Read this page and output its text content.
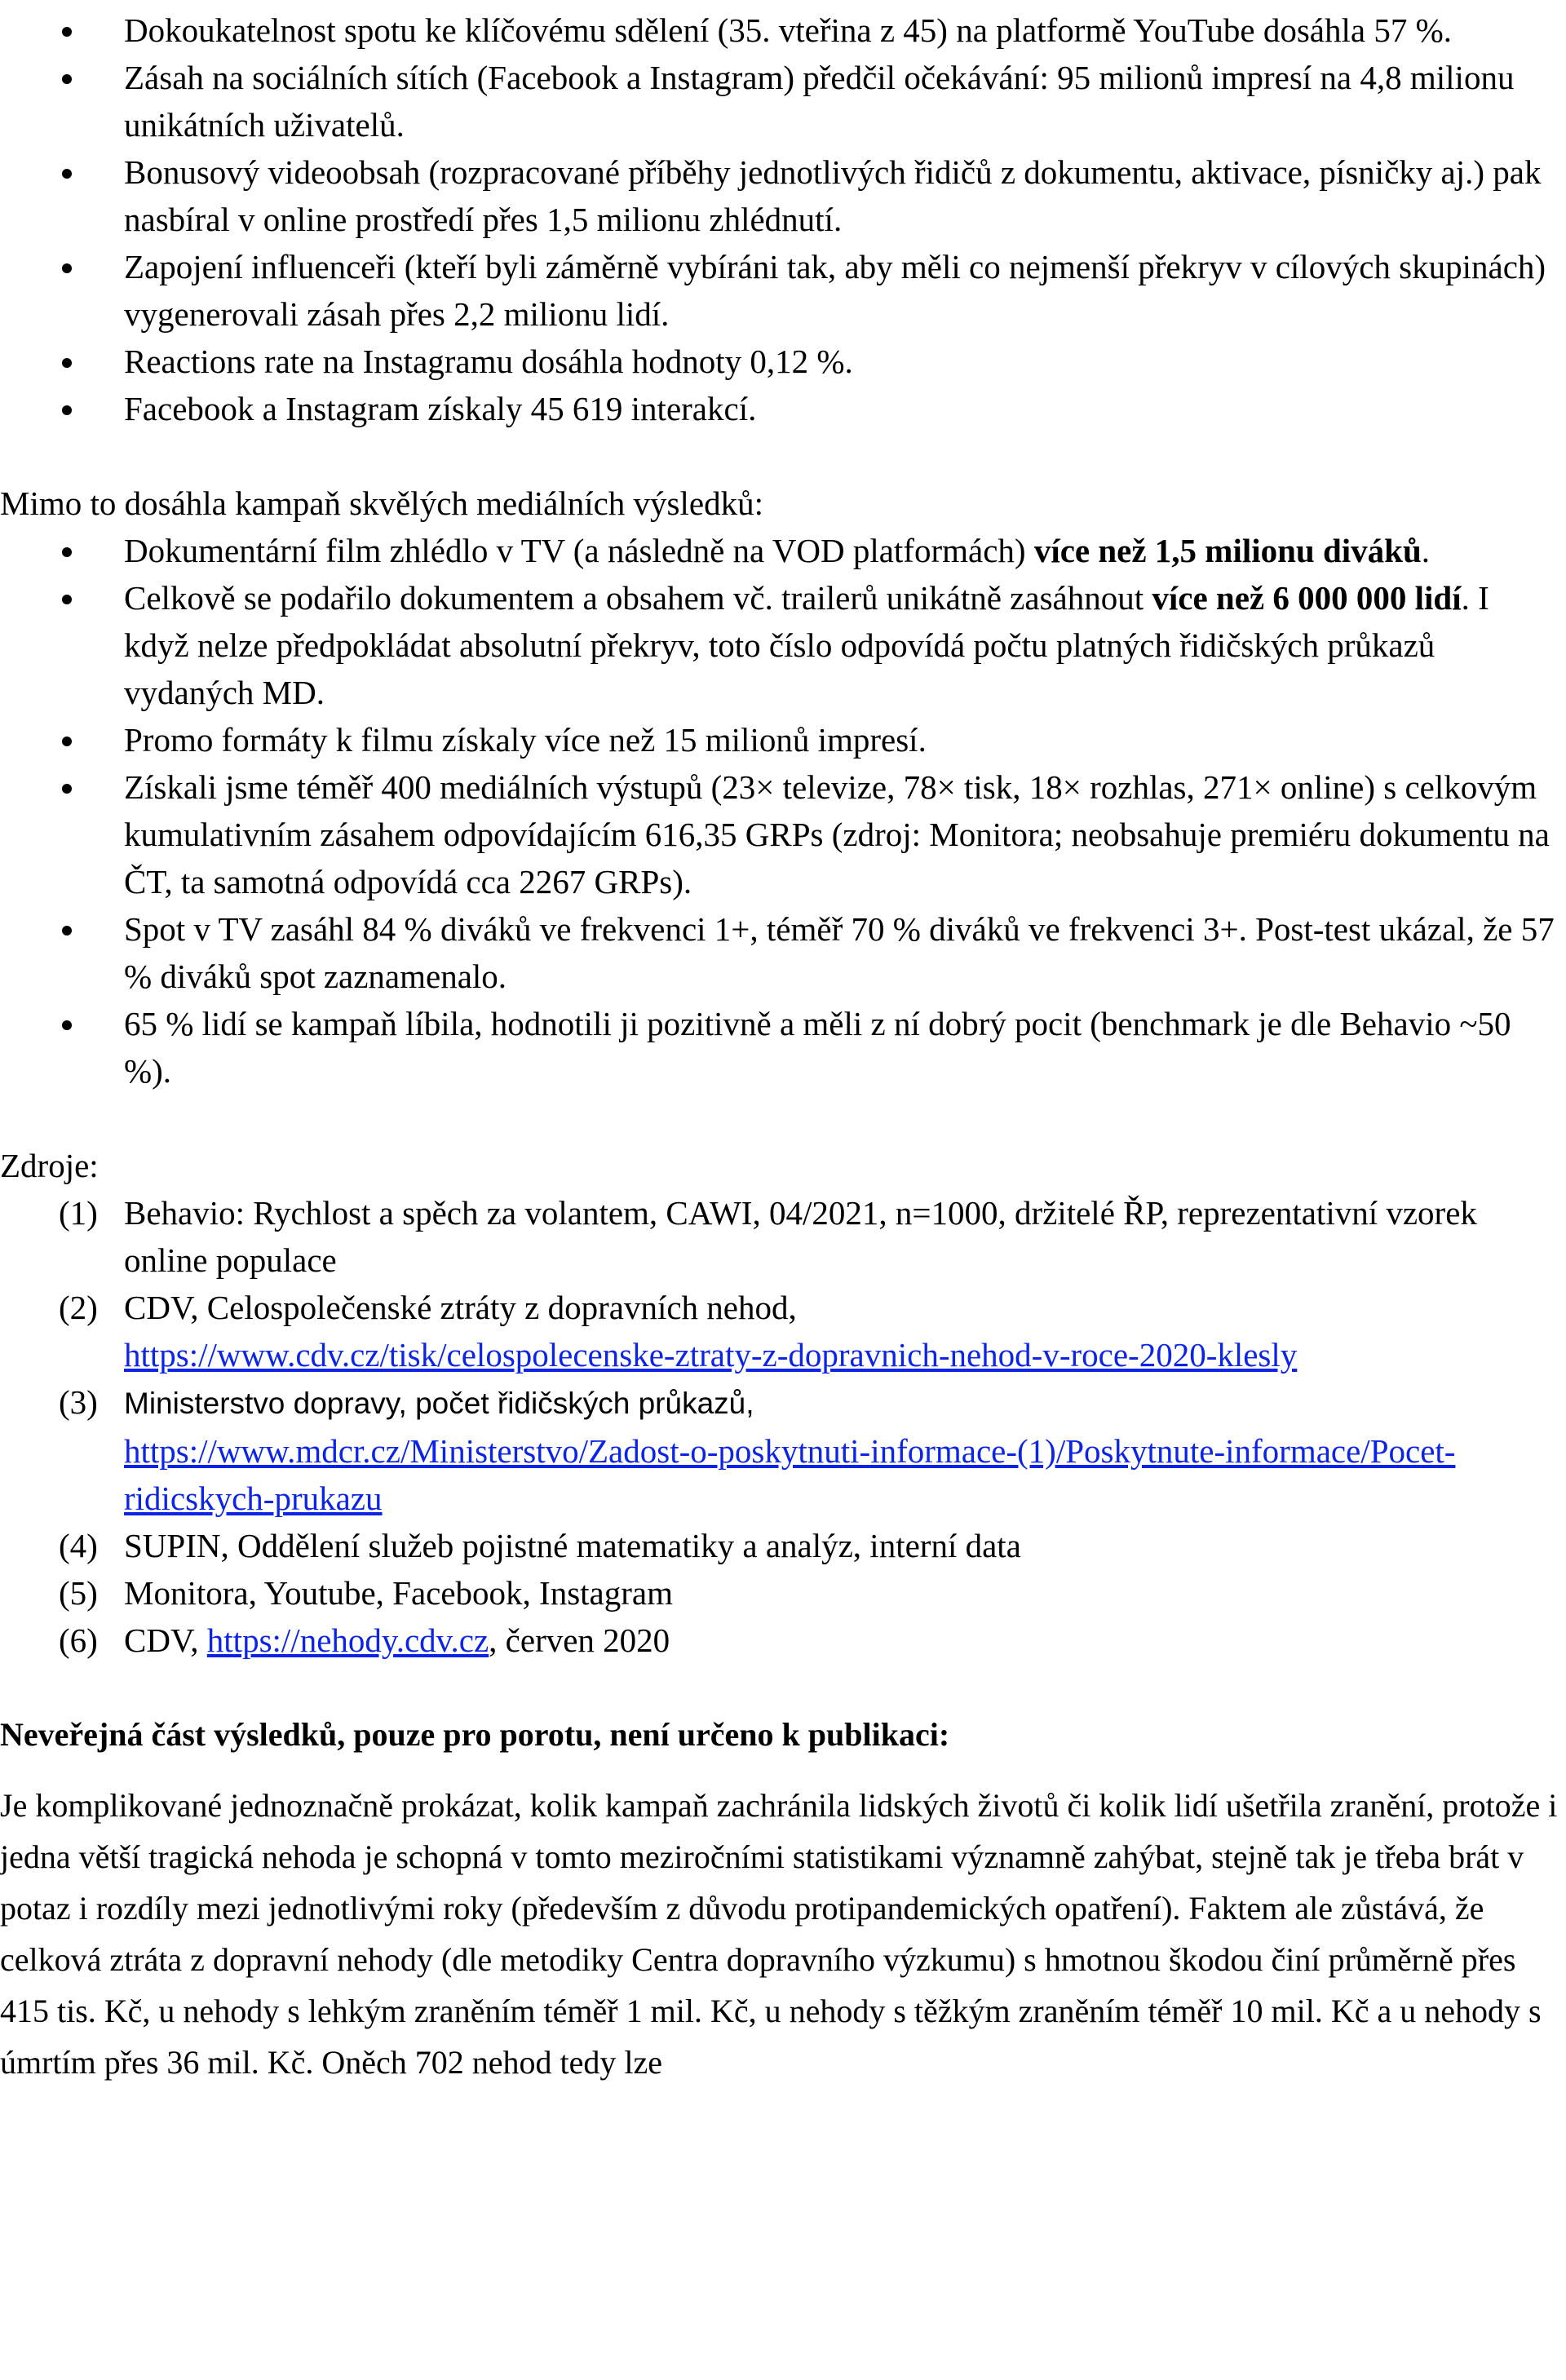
Dokoukatelnost spotu ke klíčovému sdělení (35. vteřina z 45) na platformě YouTube dosáhla 57 %.
Zásah na sociálních sítích (Facebook a Instagram) předčil očekávání: 95 milionů impresí na 4,8 milionu unikátních uživatelů.
Bonusový videoobsah (rozpracované příběhy jednotlivých řidičů z dokumentu, aktivace, písničky aj.) pak nasbíral v online prostředí přes 1,5 milionu zhlédnutí.
Zapojení influenceři (kteří byli záměrně vybíráni tak, aby měli co nejmenší překryv v cílových skupinách) vygenerovali zásah přes 2,2 milionu lidí.
Reactions rate na Instagramu dosáhla hodnoty 0,12 %.
Facebook a Instagram získaly 45 619 interakcí.

Mimo to dosáhla kampaň skvělých mediálních výsledků:

Dokumentární film zhlédlo v TV (a následně na VOD platformách) více než 1,5 milionu diváků.
Celkově se podařilo dokumentem a obsahem vč. trailerů unikátně zasáhnout více než 6 000 000 lidí. I když nelze předpokládat absolutní překryv, toto číslo odpovídá počtu platných řidičských průkazů vydaných MD.
Promo formáty k filmu získaly více než 15 milionů impresí.
Získali jsme téměř 400 mediálních výstupů (23× televize, 78× tisk, 18× rozhlas, 271× online) s celkovým kumulativním zásahem odpovídajícím 616,35 GRPs (zdroj: Monitora; neobsahuje premiéru dokumentu na ČT, ta samotná odpovídá cca 2267 GRPs).
Spot v TV zasáhl 84 % diváků ve frekvenci 1+, téměř 70 % diváků ve frekvenci 3+. Post-test ukázal, že 57 % diváků spot zaznamenalo.
65 % lidí se kampaň líbila, hodnotili ji pozitivně a měli z ní dobrý pocit (benchmark je dle Behavio ~50 %).

Zdroje:

(1) Behavio: Rychlost a spěch za volantem, CAWI, 04/2021, n=1000, držitelé ŘP, reprezentativní vzorek online populace
(2) CDV, Celospolečenské ztráty z dopravních nehod,
https://www.cdv.cz/tisk/celospolecenske-ztraty-z-dopravnich-nehod-v-roce-2020-klesly
(3) Ministerstvo dopravy, počet řidičských průkazů,
https://www.mdcr.cz/Ministerstvo/Zadost-o-poskytnuti-informace-(1)/Poskytnute-informace/Pocet-ridicskych-prukazu
(4) SUPIN, Oddělení služeb pojistné matematiky a analýz, interní data
(5) Monitora, Youtube, Facebook, Instagram
(6) CDV, https://nehody.cdv.cz, červen 2020

Neveřejná část výsledků, pouze pro porotu, není určeno k publikaci:

Je komplikované jednoznačně prokázat, kolik kampaň zachránila lidských životů či kolik lidí ušetřila zranění, protože i jedna větší tragická nehoda je schopná v tomto meziročními statistikami významně zahýbat, stejně tak je třeba brát v potaz i rozdíly mezi jednotlivými roky (především z důvodu protipandemických opatření). Faktem ale zůstává, že celková ztráta z dopravní nehody (dle metodiky Centra dopravního výzkumu) s hmotnou škodou činí průměrně přes 415 tis. Kč, u nehody s lehkým zraněním téměř 1 mil. Kč, u nehody s těžkým zraněním téměř 10 mil. Kč a u nehody s úmrtím přes 36 mil. Kč. Oněch 702 nehod tedy lze
